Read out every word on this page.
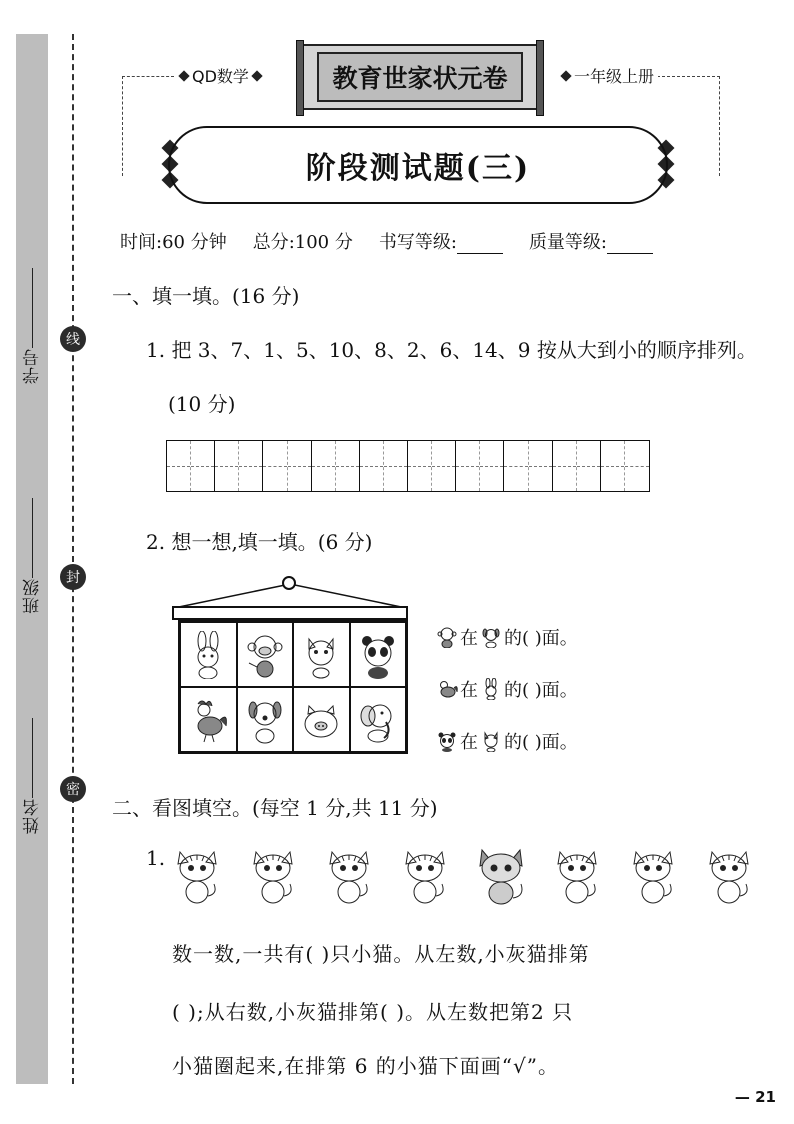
学号
班级
姓名
线
封
密
QD数学	一年级上册
教育世家状元卷
阶段测试题(三)
时间:60 分钟 总分:100 分 书写等级:	质量等级:
一、填一填。(16 分)
1. 把 3、7、1、5、10、8、2、6、14、9 按从大到小的顺序排列。
(10 分)
2. 想一想,填一填。(6 分)
在 的( )面。
在 的( )面。
在 的( )面。
二、看图填空。(每空 1 分,共 11 分)
1.
数一数,一共有( )只小猫。从左数,小灰猫排第
( );从右数,小灰猫排第( )。从左数把第2 只
小猫圈起来,在排第 6 的小猫下面画“√”。
— 21
